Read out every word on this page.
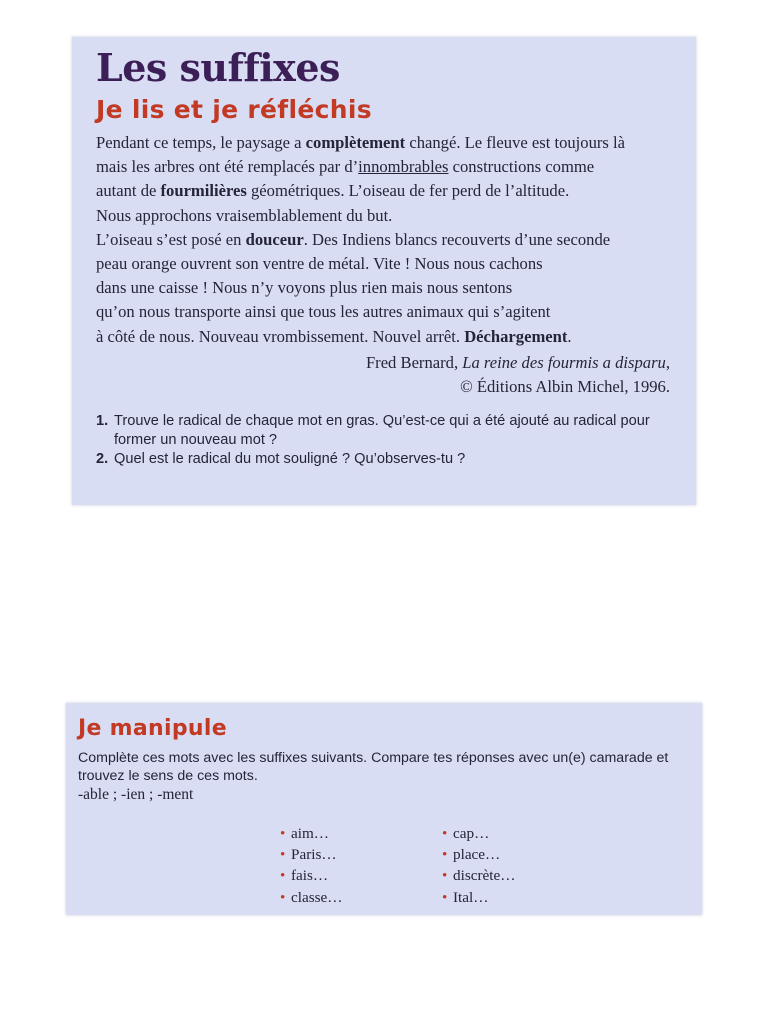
Les suffixes
Je lis et je réfléchis

Pendant ce temps, le paysage a complètement changé. Le fleuve est toujours là

mais les arbres ont été remplacés par d’innombrables constructions comme

autant de fourmilières géométriques. L’oiseau de fer perd de l’altitude.

Nous approchons vraisemblablement du but.

L’oiseau s’est posé en douceur. Des Indiens blancs recouverts d’une seconde

peau orange ouvrent son ventre de métal. Vite ! Nous nous cachons

dans une caisse ! Nous n’y voyons plus rien mais nous sentons

qu’on nous transporte ainsi que tous les autres animaux qui s’agitent

à côté de nous. Nouveau vrombissement. Nouvel arrêt. Déchargement.

Fred Bernard, La reine des fourmis a disparu,
© Éditions Albin Michel, 1996.
1. Trouve le radical de chaque mot en gras. Qu’est-ce qui a été ajouté au radical pour former un nouveau mot ?
2. Quel est le radical du mot souligné ? Qu’observes-tu ?
Je manipule
Complète ces mots avec les suffixes suivants. Compare tes réponses avec un(e) camarade et trouvez le sens de ces mots.
-able ; -ien ; -ment
• aim…
• Paris…
• fais…
• classe…
• cap…
• place…
• discrète…
• Ital…
